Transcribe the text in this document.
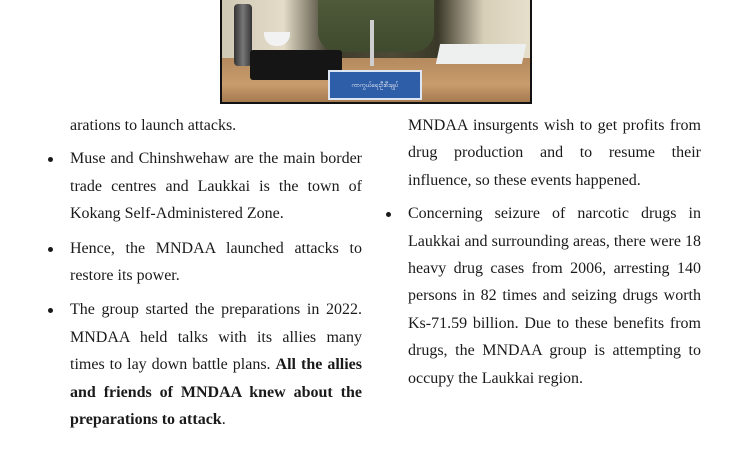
ကာကွယ်ရေးဦးစီးချုပ်
arations to launch attacks.
Muse and Chinshwehaw are the main border trade centres and Laukkai is the town of Kokang Self-Administered Zone.
Hence, the MNDAA launched attacks to restore its power.
The group started the preparations in 2022. MNDAA held talks with its allies many times to lay down battle plans. All the allies and friends of MNDAA knew about the preparations to attack.
MNDAA insurgents wish to get profits from drug production and to resume their influence, so these events happened.
Concerning seizure of narcotic drugs in Laukkai and surrounding areas, there were 18 heavy drug cases from 2006, arresting 140 persons in 82 times and seizing drugs worth Ks-71.59 billion. Due to these benefits from drugs, the MNDAA group is attempting to occupy the Laukkai region.
